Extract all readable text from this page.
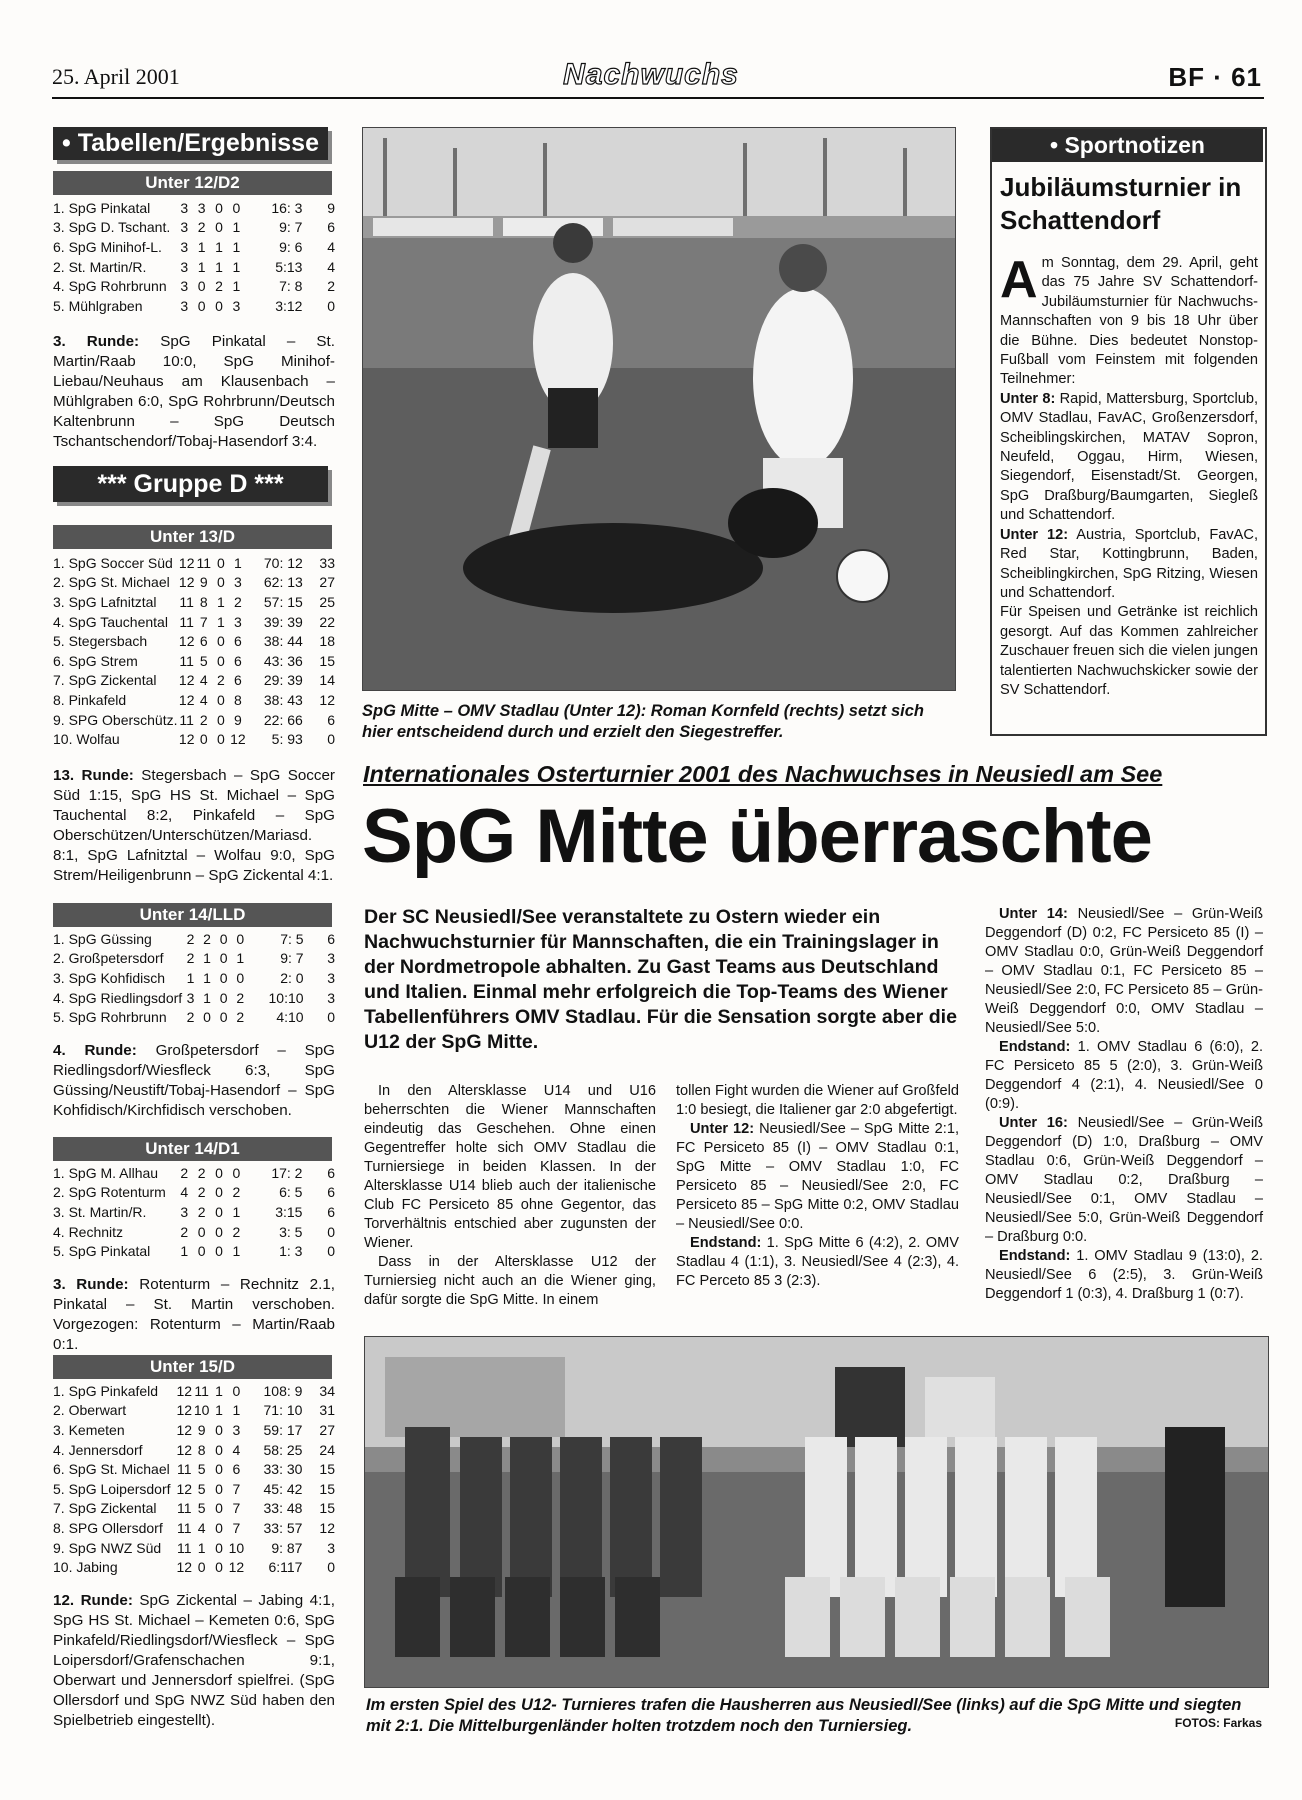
25. April 2001	Nachwuchs	BF · 61
• Tabellen/Ergebnisse
Unter 12/D2
1. SpG Pinkatal	3	3	0	0	16: 3	9
3. SpG D. Tschant.	3	2	0	1	9: 7	6
6. SpG Minihof-L.	3	1	1	1	9: 6	4
2. St. Martin/R.	3	1	1	1	5:13	4
4. SpG Rohrbrunn	3	0	2	1	7: 8	2
5. Mühlgraben	3	0	0	3	3:12	0
3. Runde: SpG Pinkatal – St. Martin/Raab 10:0, SpG Minihof-Liebau/Neuhaus am Klausenbach – Mühlgraben 6:0, SpG Rohrbrunn/Deutsch Kaltenbrunn – SpG Deutsch Tschantschendorf/Tobaj-Hasendorf 3:4.
*** Gruppe D ***
Unter 13/D
1. SpG Soccer Süd	12	11	0	1	70: 12	33
2. SpG St. Michael	12	9	0	3	62: 13	27
3. SpG Lafnitztal	11	8	1	2	57: 15	25
4. SpG Tauchental	11	7	1	3	39: 39	22
5. Stegersbach	12	6	0	6	38: 44	18
6. SpG Strem	11	5	0	6	43: 36	15
7. SpG Zickental	12	4	2	6	29: 39	14
8. Pinkafeld	12	4	0	8	38: 43	12
9. SPG Oberschütz.	11	2	0	9	22: 66	6
10. Wolfau	12	0	0	12	5: 93	0
13. Runde: Stegersbach – SpG Soccer Süd 1:15, SpG HS St. Michael – SpG Tauchental 8:2, Pinkafeld – SpG Oberschützen/Unterschützen/Mariasd. 8:1, SpG Lafnitztal – Wolfau 9:0, SpG Strem/Heiligenbrunn – SpG Zickental 4:1.
Unter 14/LLD
1. SpG Güssing	2	2	0	0	7: 5	6
2. Großpetersdorf	2	1	0	1	9: 7	3
3. SpG Kohfidisch	1	1	0	0	2: 0	3
4. SpG Riedlingsdorf	3	1	0	2	10:10	3
5. SpG Rohrbrunn	2	0	0	2	4:10	0
4. Runde: Großpetersdorf – SpG Riedlingsdorf/Wiesfleck 6:3, SpG Güssing/Neustift/Tobaj-Hasendorf – SpG Kohfidisch/Kirchfidisch verschoben.
Unter 14/D1
1. SpG M. Allhau	2	2	0	0	17: 2	6
2. SpG Rotenturm	4	2	0	2	6: 5	6
3. St. Martin/R.	3	2	0	1	3:15	6
4. Rechnitz	2	0	0	2	3: 5	0
5. SpG Pinkatal	1	0	0	1	1: 3	0
3. Runde: Rotenturm – Rechnitz 2.1, Pinkatal – St. Martin verschoben. Vorgezogen: Rotenturm – Martin/Raab 0:1.
Unter 15/D
1. SpG Pinkafeld	12	11	1	0	108: 9	34
2. Oberwart	12	10	1	1	71: 10	31
3. Kemeten	12	9	0	3	59: 17	27
4. Jennersdorf	12	8	0	4	58: 25	24
6. SpG St. Michael	11	5	0	6	33: 30	15
5. SpG Loipersdorf	12	5	0	7	45: 42	15
7. SpG Zickental	11	5	0	7	33: 48	15
8. SPG Ollersdorf	11	4	0	7	33: 57	12
9. SpG NWZ Süd	11	1	0	10	9: 87	3
10. Jabing	12	0	0	12	6:117	0
12. Runde: SpG Zickental – Jabing 4:1, SpG HS St. Michael – Kemeten 0:6, SpG Pinkafeld/Riedlingsdorf/Wiesfleck – SpG Loipersdorf/Grafenschachen 9:1, Oberwart und Jennersdorf spielfrei. (SpG Ollersdorf und SpG NWZ Süd haben den Spielbetrieb eingestellt).
SpG Mitte – OMV Stadlau (Unter 12): Roman Kornfeld (rechts) setzt sich hier entscheidend durch und erzielt den Siegestreffer.
• Sportnotizen
Jubiläumsturnier in Schattendorf
Am Sonntag, dem 29. April, geht das 75 Jahre SV Schattendorf-Jubiläumsturnier für Nachwuchs-Mannschaften von 9 bis 18 Uhr über die Bühne. Dies bedeutet Nonstop-Fußball vom Feinstem mit folgenden Teilnehmer:
Unter 8: Rapid, Mattersburg, Sportclub, OMV Stadlau, FavAC, Großenzersdorf, Scheiblingskirchen, MATAV Sopron, Neufeld, Oggau, Hirm, Wiesen, Siegendorf, Eisenstadt/St. Georgen, SpG Draßburg/Baumgarten, Siegleß und Schattendorf.
Unter 12: Austria, Sportclub, FavAC, Red Star, Kottingbrunn, Baden, Scheiblingkirchen, SpG Ritzing, Wiesen und Schattendorf.
Für Speisen und Getränke ist reichlich gesorgt. Auf das Kommen zahlreicher Zuschauer freuen sich die vielen jungen talentierten Nachwuchskicker sowie der SV Schattendorf.
Internationales Osterturnier 2001 des Nachwuchses in Neusiedl am See
SpG Mitte überraschte
Der SC Neusiedl/See veranstaltete zu Ostern wieder ein Nachwuchsturnier für Mannschaften, die ein Trainingslager in der Nordmetropole abhalten. Zu Gast Teams aus Deutschland und Italien. Einmal mehr erfolgreich die Top-Teams des Wiener Tabellenführers OMV Stadlau. Für die Sensation sorgte aber die U12 der SpG Mitte.

In den Altersklasse U14 und U16 beherrschten die Wiener Mannschaften eindeutig das Geschehen. Ohne einen Gegentreffer holte sich OMV Stadlau die Turniersiege in beiden Klassen. In der Altersklasse U14 blieb auch der italienische Club FC Persiceto 85 ohne Gegentor, das Torverhältnis entschied aber zugunsten der Wiener.

Dass in der Altersklasse U12 der Turniersieg nicht auch an die Wiener ging, dafür sorgte die SpG Mitte. In einem

tollen Fight wurden die Wiener auf Großfeld 1:0 besiegt, die Italiener gar 2:0 abgefertigt.

Unter 12: Neusiedl/See – SpG Mitte 2:1, FC Persiceto 85 (I) – OMV Stadlau 0:1, SpG Mitte – OMV Stadlau 1:0, FC Persiceto 85 – Neusiedl/See 2:0, FC Persiceto 85 – SpG Mitte 0:2, OMV Stadlau – Neusiedl/See 0:0.

Endstand: 1. SpG Mitte 6 (4:2), 2. OMV Stadlau 4 (1:1), 3. Neusiedl/See 4 (2:3), 4. FC Perceto 85 3 (2:3).

Unter 14: Neusiedl/See – Grün-Weiß Deggendorf (D) 0:2, FC Persiceto 85 (I) – OMV Stadlau 0:0, Grün-Weiß Deggendorf – OMV Stadlau 0:1, FC Persiceto 85 – Neusiedl/See 2:0, FC Persiceto 85 – Grün-Weiß Deggendorf 0:0, OMV Stadlau – Neusiedl/See 5:0.

Endstand: 1. OMV Stadlau 6 (6:0), 2. FC Persiceto 85 5 (2:0), 3. Grün-Weiß Deggendorf 4 (2:1), 4. Neusiedl/See 0 (0:9).

Unter 16: Neusiedl/See – Grün-Weiß Deggendorf (D) 1:0, Draßburg – OMV Stadlau 0:6, Grün-Weiß Deggendorf – OMV Stadlau 0:2, Draßburg – Neusiedl/See 0:1, OMV Stadlau – Neusiedl/See 5:0, Grün-Weiß Deggendorf – Draßburg 0:0.

Endstand: 1. OMV Stadlau 9 (13:0), 2. Neusiedl/See 6 (2:5), 3. Grün-Weiß Deggendorf 1 (0:3), 4. Draßburg 1 (0:7).

Im ersten Spiel des U12- Turnieres trafen die Hausherren aus Neusiedl/See (links) auf die SpG Mitte und siegten mit 2:1. Die Mittelburgenländer holten trotzdem noch den Turniersieg.	FOTOS: Farkas
